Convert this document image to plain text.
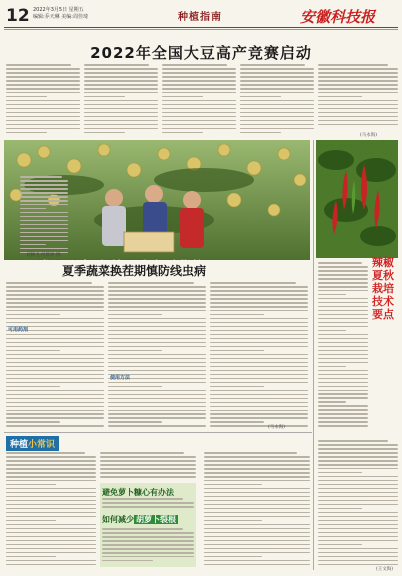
12 2022年3月5日 星期五
编辑:乔天琳 美编:周佳琦	种植指南	安徽科技报
2022年全国大豆高产竞赛启动
(马永海)
刘腾飞 何晨晨 摄
辣椒夏秋栽培技术要点
(王文海)
夏季蔬菜换茬期慎防线虫病
可用药剂
使用方法
(马永海)
种植小常识
避免萝卜糠心有办法
如何减少 胡萝卜裂根
